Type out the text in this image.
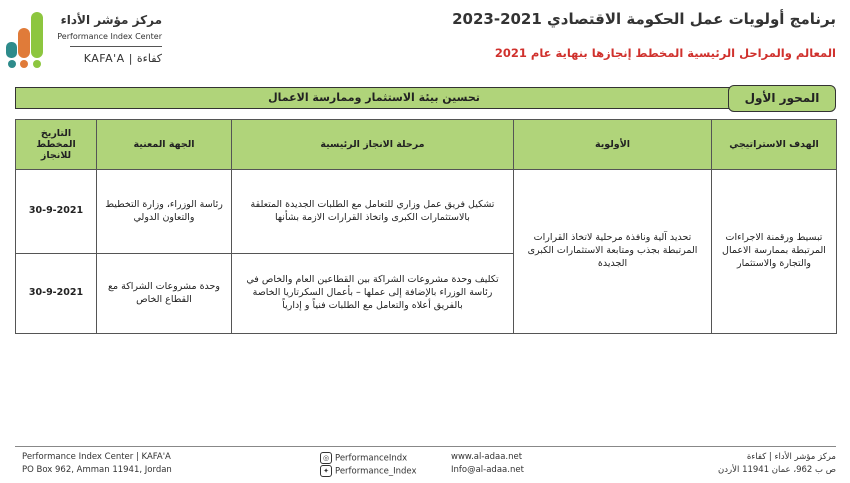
برنامج أولويات عمل الحكومة الاقتصادي 2021-2023
المعالم والمراحل الرئيسية المخطط إنجازها بنهاية عام 2021
مركز مؤشر الأداء
Performance Index Center
KAFA'A | كفاءة
تحسين بيئة الاستثمار وممارسة الاعمال	المحور الأول
الهدف الاستراتيجي	الأولوية	مرحلة الانجاز الرئيسية	الجهة المعنية	التاريخ المخطط للانجاز
تبسيط ورقمنة الاجراءات المرتبطة بممارسة الاعمال والتجارة والاستثمار	تحديد آلية ونافذة مرحلية لاتخاذ القرارات المرتبطة بجذب ومتابعة الاستثمارات الكبرى الجديدة	تشكيل فريق عمل وزاري للتعامل مع الطلبات الجديدة المتعلقة بالاستثمارات الكبرى واتخاذ القرارات الازمة بشأنها	رئاسة الوزراء، وزارة التخطيط والتعاون الدولي	30-9-2021
		تكليف وحدة مشروعات الشراكة بين القطاعين العام والخاص في رئاسة الوزراء بالإضافة إلى عملها – بأعمال السكرتاريا الخاصة بالفريق أعلاه والتعامل مع الطلبات فنياً و إدارياً	وحدة مشروعات الشراكة مع القطاع الخاص	30-9-2021
Performance Index Center | KAFA'A
PO Box 962, Amman 11941, Jordan
◎ PerformanceIndx
✦ Performance_Index
www.al-adaa.net
Info@al-adaa.net
مركز مؤشر الأداء | كفاءة
ص ب 962، عمان 11941 الأردن
